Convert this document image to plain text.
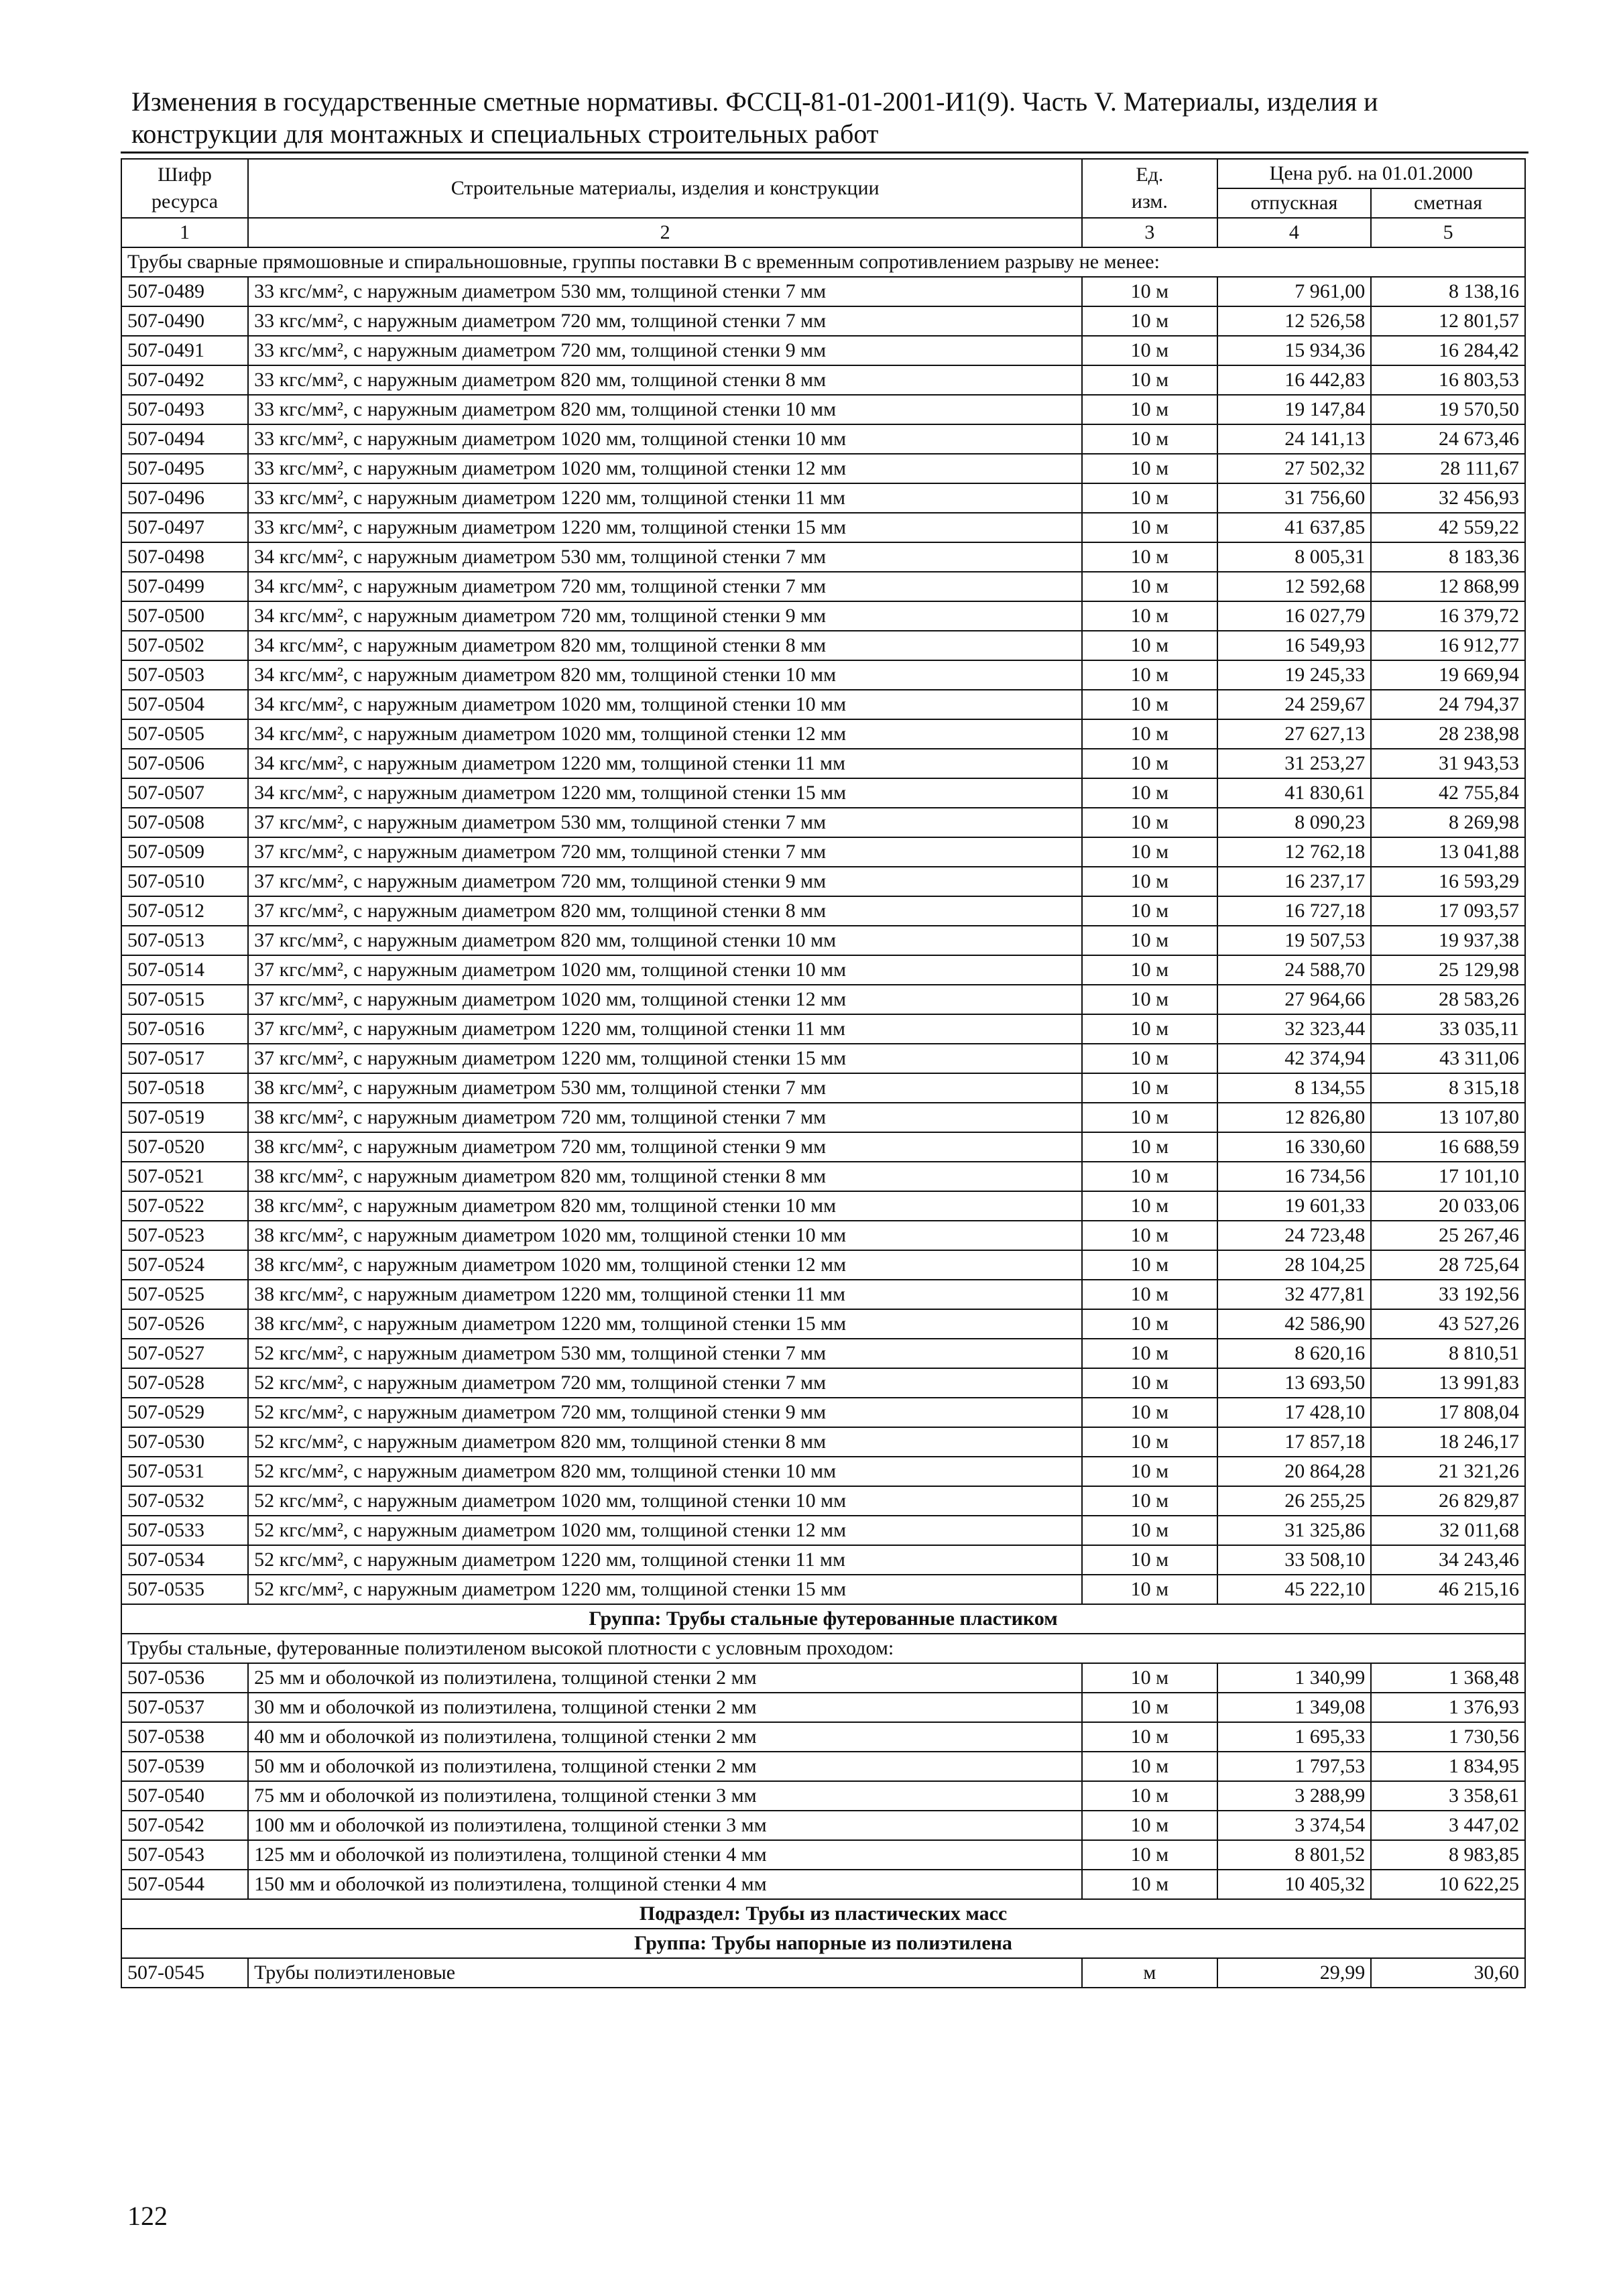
Изменения в государственные сметные нормативы. ФССЦ-81-01-2001-И1(9). Часть V. Материалы, изделия и
конструкции для монтажных и специальных строительных работ
Шифр
ресурса	Строительные материалы, изделия и конструкции	Ед.
изм.	Цена руб. на 01.01.2000	
			отпускная	сметная
1	2	3	4	5
Трубы сварные прямошовные и спиральношовные, группы поставки В с временным сопротивлением разрыву не менее:				
507-0489	33 кгс/мм², с наружным диаметром 530 мм, толщиной стенки 7 мм	10 м	7 961,00	8 138,16
507-0490	33 кгс/мм², с наружным диаметром 720 мм, толщиной стенки 7 мм	10 м	12 526,58	12 801,57
507-0491	33 кгс/мм², с наружным диаметром 720 мм, толщиной стенки 9 мм	10 м	15 934,36	16 284,42
507-0492	33 кгс/мм², с наружным диаметром 820 мм, толщиной стенки 8 мм	10 м	16 442,83	16 803,53
507-0493	33 кгс/мм², с наружным диаметром 820 мм, толщиной стенки 10 мм	10 м	19 147,84	19 570,50
507-0494	33 кгс/мм², с наружным диаметром 1020 мм, толщиной стенки 10 мм	10 м	24 141,13	24 673,46
507-0495	33 кгс/мм², с наружным диаметром 1020 мм, толщиной стенки 12 мм	10 м	27 502,32	28 111,67
507-0496	33 кгс/мм², с наружным диаметром 1220 мм, толщиной стенки 11 мм	10 м	31 756,60	32 456,93
507-0497	33 кгс/мм², с наружным диаметром 1220 мм, толщиной стенки 15 мм	10 м	41 637,85	42 559,22
507-0498	34 кгс/мм², с наружным диаметром 530 мм, толщиной стенки 7 мм	10 м	8 005,31	8 183,36
507-0499	34 кгс/мм², с наружным диаметром 720 мм, толщиной стенки 7 мм	10 м	12 592,68	12 868,99
507-0500	34 кгс/мм², с наружным диаметром 720 мм, толщиной стенки 9 мм	10 м	16 027,79	16 379,72
507-0502	34 кгс/мм², с наружным диаметром 820 мм, толщиной стенки 8 мм	10 м	16 549,93	16 912,77
507-0503	34 кгс/мм², с наружным диаметром 820 мм, толщиной стенки 10 мм	10 м	19 245,33	19 669,94
507-0504	34 кгс/мм², с наружным диаметром 1020 мм, толщиной стенки 10 мм	10 м	24 259,67	24 794,37
507-0505	34 кгс/мм², с наружным диаметром 1020 мм, толщиной стенки 12 мм	10 м	27 627,13	28 238,98
507-0506	34 кгс/мм², с наружным диаметром 1220 мм, толщиной стенки 11 мм	10 м	31 253,27	31 943,53
507-0507	34 кгс/мм², с наружным диаметром 1220 мм, толщиной стенки 15 мм	10 м	41 830,61	42 755,84
507-0508	37 кгс/мм², с наружным диаметром 530 мм, толщиной стенки 7 мм	10 м	8 090,23	8 269,98
507-0509	37 кгс/мм², с наружным диаметром 720 мм, толщиной стенки 7 мм	10 м	12 762,18	13 041,88
507-0510	37 кгс/мм², с наружным диаметром 720 мм, толщиной стенки 9 мм	10 м	16 237,17	16 593,29
507-0512	37 кгс/мм², с наружным диаметром 820 мм, толщиной стенки 8 мм	10 м	16 727,18	17 093,57
507-0513	37 кгс/мм², с наружным диаметром 820 мм, толщиной стенки 10 мм	10 м	19 507,53	19 937,38
507-0514	37 кгс/мм², с наружным диаметром 1020 мм, толщиной стенки 10 мм	10 м	24 588,70	25 129,98
507-0515	37 кгс/мм², с наружным диаметром 1020 мм, толщиной стенки 12 мм	10 м	27 964,66	28 583,26
507-0516	37 кгс/мм², с наружным диаметром 1220 мм, толщиной стенки 11 мм	10 м	32 323,44	33 035,11
507-0517	37 кгс/мм², с наружным диаметром 1220 мм, толщиной стенки 15 мм	10 м	42 374,94	43 311,06
507-0518	38 кгс/мм², с наружным диаметром 530 мм, толщиной стенки 7 мм	10 м	8 134,55	8 315,18
507-0519	38 кгс/мм², с наружным диаметром 720 мм, толщиной стенки 7 мм	10 м	12 826,80	13 107,80
507-0520	38 кгс/мм², с наружным диаметром 720 мм, толщиной стенки 9 мм	10 м	16 330,60	16 688,59
507-0521	38 кгс/мм², с наружным диаметром 820 мм, толщиной стенки 8 мм	10 м	16 734,56	17 101,10
507-0522	38 кгс/мм², с наружным диаметром 820 мм, толщиной стенки 10 мм	10 м	19 601,33	20 033,06
507-0523	38 кгс/мм², с наружным диаметром 1020 мм, толщиной стенки 10 мм	10 м	24 723,48	25 267,46
507-0524	38 кгс/мм², с наружным диаметром 1020 мм, толщиной стенки 12 мм	10 м	28 104,25	28 725,64
507-0525	38 кгс/мм², с наружным диаметром 1220 мм, толщиной стенки 11 мм	10 м	32 477,81	33 192,56
507-0526	38 кгс/мм², с наружным диаметром 1220 мм, толщиной стенки 15 мм	10 м	42 586,90	43 527,26
507-0527	52 кгс/мм², с наружным диаметром 530 мм, толщиной стенки 7 мм	10 м	8 620,16	8 810,51
507-0528	52 кгс/мм², с наружным диаметром 720 мм, толщиной стенки 7 мм	10 м	13 693,50	13 991,83
507-0529	52 кгс/мм², с наружным диаметром 720 мм, толщиной стенки 9 мм	10 м	17 428,10	17 808,04
507-0530	52 кгс/мм², с наружным диаметром 820 мм, толщиной стенки 8 мм	10 м	17 857,18	18 246,17
507-0531	52 кгс/мм², с наружным диаметром 820 мм, толщиной стенки 10 мм	10 м	20 864,28	21 321,26
507-0532	52 кгс/мм², с наружным диаметром 1020 мм, толщиной стенки 10 мм	10 м	26 255,25	26 829,87
507-0533	52 кгс/мм², с наружным диаметром 1020 мм, толщиной стенки 12 мм	10 м	31 325,86	32 011,68
507-0534	52 кгс/мм², с наружным диаметром 1220 мм, толщиной стенки 11 мм	10 м	33 508,10	34 243,46
507-0535	52 кгс/мм², с наружным диаметром 1220 мм, толщиной стенки 15 мм	10 м	45 222,10	46 215,16
Группа: Трубы стальные футерованные пластиком				
Трубы стальные, футерованные полиэтиленом высокой плотности с условным проходом:				
507-0536	25 мм и оболочкой из полиэтилена, толщиной стенки 2 мм	10 м	1 340,99	1 368,48
507-0537	30 мм и оболочкой из полиэтилена, толщиной стенки 2 мм	10 м	1 349,08	1 376,93
507-0538	40 мм и оболочкой из полиэтилена, толщиной стенки 2 мм	10 м	1 695,33	1 730,56
507-0539	50 мм и оболочкой из полиэтилена, толщиной стенки 2 мм	10 м	1 797,53	1 834,95
507-0540	75 мм и оболочкой из полиэтилена, толщиной стенки 3 мм	10 м	3 288,99	3 358,61
507-0542	100 мм и оболочкой из полиэтилена, толщиной стенки 3 мм	10 м	3 374,54	3 447,02
507-0543	125 мм и оболочкой из полиэтилена, толщиной стенки 4 мм	10 м	8 801,52	8 983,85
507-0544	150 мм и оболочкой из полиэтилена, толщиной стенки 4 мм	10 м	10 405,32	10 622,25
Подраздел: Трубы из пластических масс				
Группа: Трубы напорные из полиэтилена				
507-0545	Трубы полиэтиленовые	м	29,99	30,60
122
